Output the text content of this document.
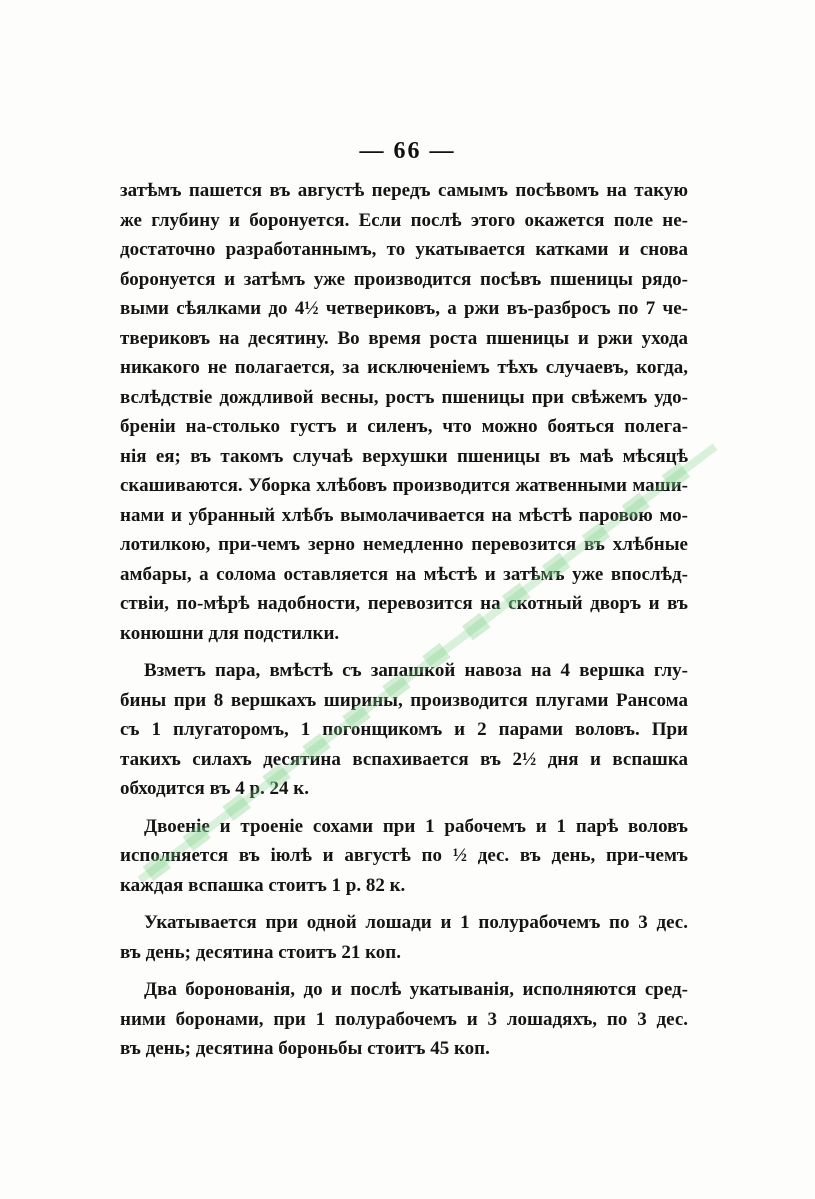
— 66 —
затѣмъ пашется въ августѣ передъ самымъ посѣвомъ на такую
же глубину и боронуется. Если послѣ этого окажется поле не-
достаточно разработаннымъ, то укатывается катками и снова
боронуется и затѣмъ уже производится посѣвъ пшеницы рядо-
выми сѣялками до 4½ четвериковъ, а ржи въ-разбросъ по 7 че-
твериковъ на десятину. Во время роста пшеницы и ржи ухода
никакого не полагается, за исключеніемъ тѣхъ случаевъ, когда,
вслѣдствіе дождливой весны, ростъ пшеницы при свѣжемъ удо-
бреніи на-столько густъ и силенъ, что можно бояться полега-
нія ея; въ такомъ случаѣ верхушки пшеницы въ маѣ мѣсяцѣ
скашиваются. Уборка хлѣбовъ производится жатвенными маши-
нами и убранный хлѣбъ вымолачивается на мѣстѣ паровою мо-
лотилкою, при-чемъ зерно немедленно перевозится въ хлѣбные
амбары, а солома оставляется на мѣстѣ и затѣмъ уже впослѣд-
ствіи, по-мѣрѣ надобности, перевозится на скотный дворъ и въ
конюшни для подстилки.
Взметъ пара, вмѣстѣ съ запашкой навоза на 4 вершка глу-
бины при 8 вершкахъ ширины, производится плугами Рансома
съ 1 плугаторомъ, 1 погонщикомъ и 2 парами воловъ. При
такихъ силахъ десятина вспахивается въ 2½ дня и вспашка
обходится въ 4 р. 24 к.
Двоеніе и троеніе сохами при 1 рабочемъ и 1 парѣ воловъ
исполняется въ іюлѣ и августѣ по ½ дес. въ день, при-чемъ
каждая вспашка стоитъ 1 р. 82 к.
Укатывается при одной лошади и 1 полурабочемъ по 3 дес.
въ день; десятина стоитъ 21 коп.
Два боронованія, до и послѣ укатыванія, исполняются сред-
ними боронами, при 1 полурабочемъ и 3 лошадяхъ, по 3 дес.
въ день; десятина бороньбы стоитъ 45 коп.
